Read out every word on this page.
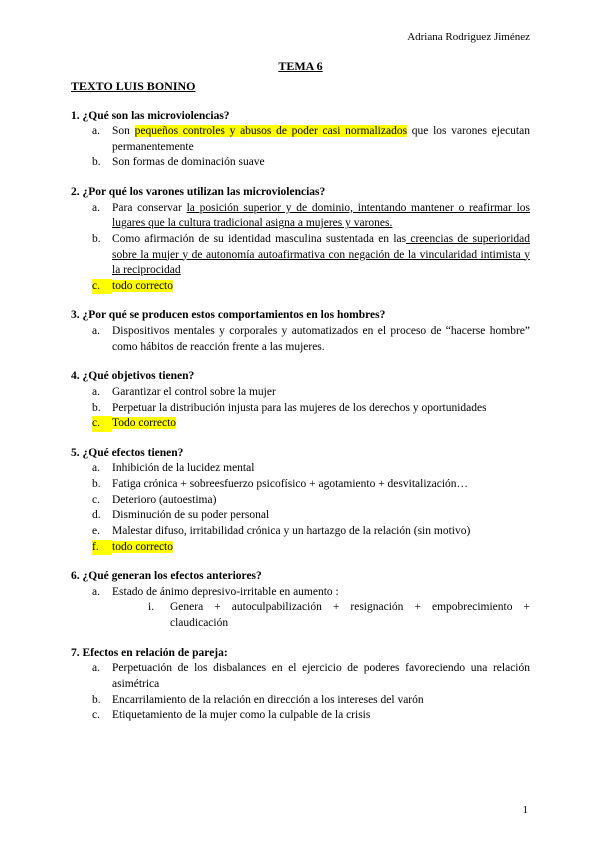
Adriana Rodriguez Jiménez
TEMA 6
TEXTO LUIS BONINO
1. ¿Qué son las microviolencias?
a.	Son pequeños controles y abusos de poder casi normalizados que los varones ejecutan permanentemente
b. Son formas de dominación suave
2. ¿Por qué los varones utilizan las microviolencias?
a.	Para conservar la posición superior y de dominio, intentando mantener o reafirmar los lugares que la cultura tradicional asigna a mujeres y varones.
b. Como afirmación de su identidad masculina sustentada en las creencias de superioridad sobre la mujer y de autonomía autoafirmativa con negación de la vincularidad intimista y la reciprocidad
c.	todo correcto
3. ¿Por qué se producen estos comportamientos en los hombres?
a.	Dispositivos mentales y corporales y automatizados en el proceso de “hacerse hombre” como hábitos de reacción frente a las mujeres.
4. ¿Qué objetivos tienen?
a.	Garantizar el control sobre la mujer
b. Perpetuar la distribución injusta para las mujeres de los derechos y oportunidades
c.	Todo correcto
5. ¿Qué efectos tienen?
a.	Inhibición de la lucidez mental
b. Fatiga crónica + sobreesfuerzo psicofísico + agotamiento + desvitalización…
c.	Deterioro (autoestima)
d. Disminución de su poder personal
e.	Malestar difuso, irritabilidad crónica y un hartazgo de la relación (sin motivo)
f.	todo correcto
6. ¿Qué generan los efectos anteriores?
a.	Estado de ánimo depresivo-irritable en aumento :
i.	Genera + autoculpabilización + resignación + empobrecimiento + claudicación
7. Efectos en relación de pareja:
a.	Perpetuación de los disbalances en el ejercicio de poderes favoreciendo una relación asimétrica
b. Encarrilamiento de la relación en dirección a los intereses del varón
c.	Etiquetamiento de la mujer como la culpable de la crisis
1
